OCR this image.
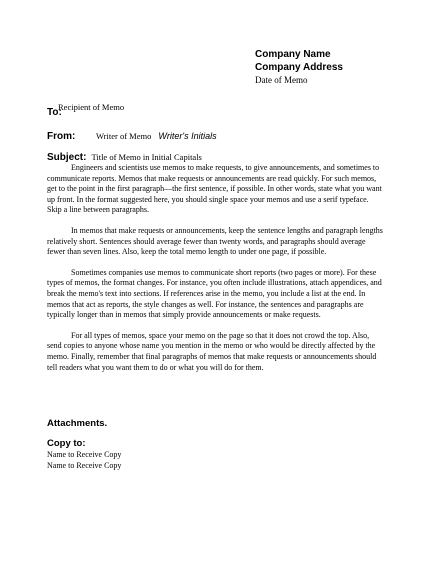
Company Name
Company Address
Date of Memo
To:
Recipient of Memo
From: Writer of Memo Writer's Initials
Subject: Title of Memo in Initial Capitals

Engineers and scientists use memos to make requests, to give announcements, and sometimes to communicate reports. Memos that make requests or announcements are read quickly. For such memos, get to the point in the first paragraph—the first sentence, if possible. In other words, state what you want up front. In the format suggested here, you should single space your memos and use a serif typeface. Skip a line between paragraphs.

In memos that make requests or announcements, keep the sentence lengths and paragraph lengths relatively short. Sentences should average fewer than twenty words, and paragraphs should average fewer than seven lines. Also, keep the total memo length to under one page, if possible.

Sometimes companies use memos to communicate short reports (two pages or more). For these types of memos, the format changes. For instance, you often include illustrations, attach appendices, and break the memo's text into sections. If references arise in the memo, you include a list at the end. In memos that act as reports, the style changes as well. For instance, the sentences and paragraphs are typically longer than in memos that simply provide announcements or make requests.

For all types of memos, space your memo on the page so that it does not crowd the top. Also, send copies to anyone whose name you mention in the memo or who would be directly affected by the memo. Finally, remember that final paragraphs of memos that make requests or announcements should tell readers what you want them to do or what you will do for them.

Attachments.
Copy to:
Name to Receive Copy
Name to Receive Copy
